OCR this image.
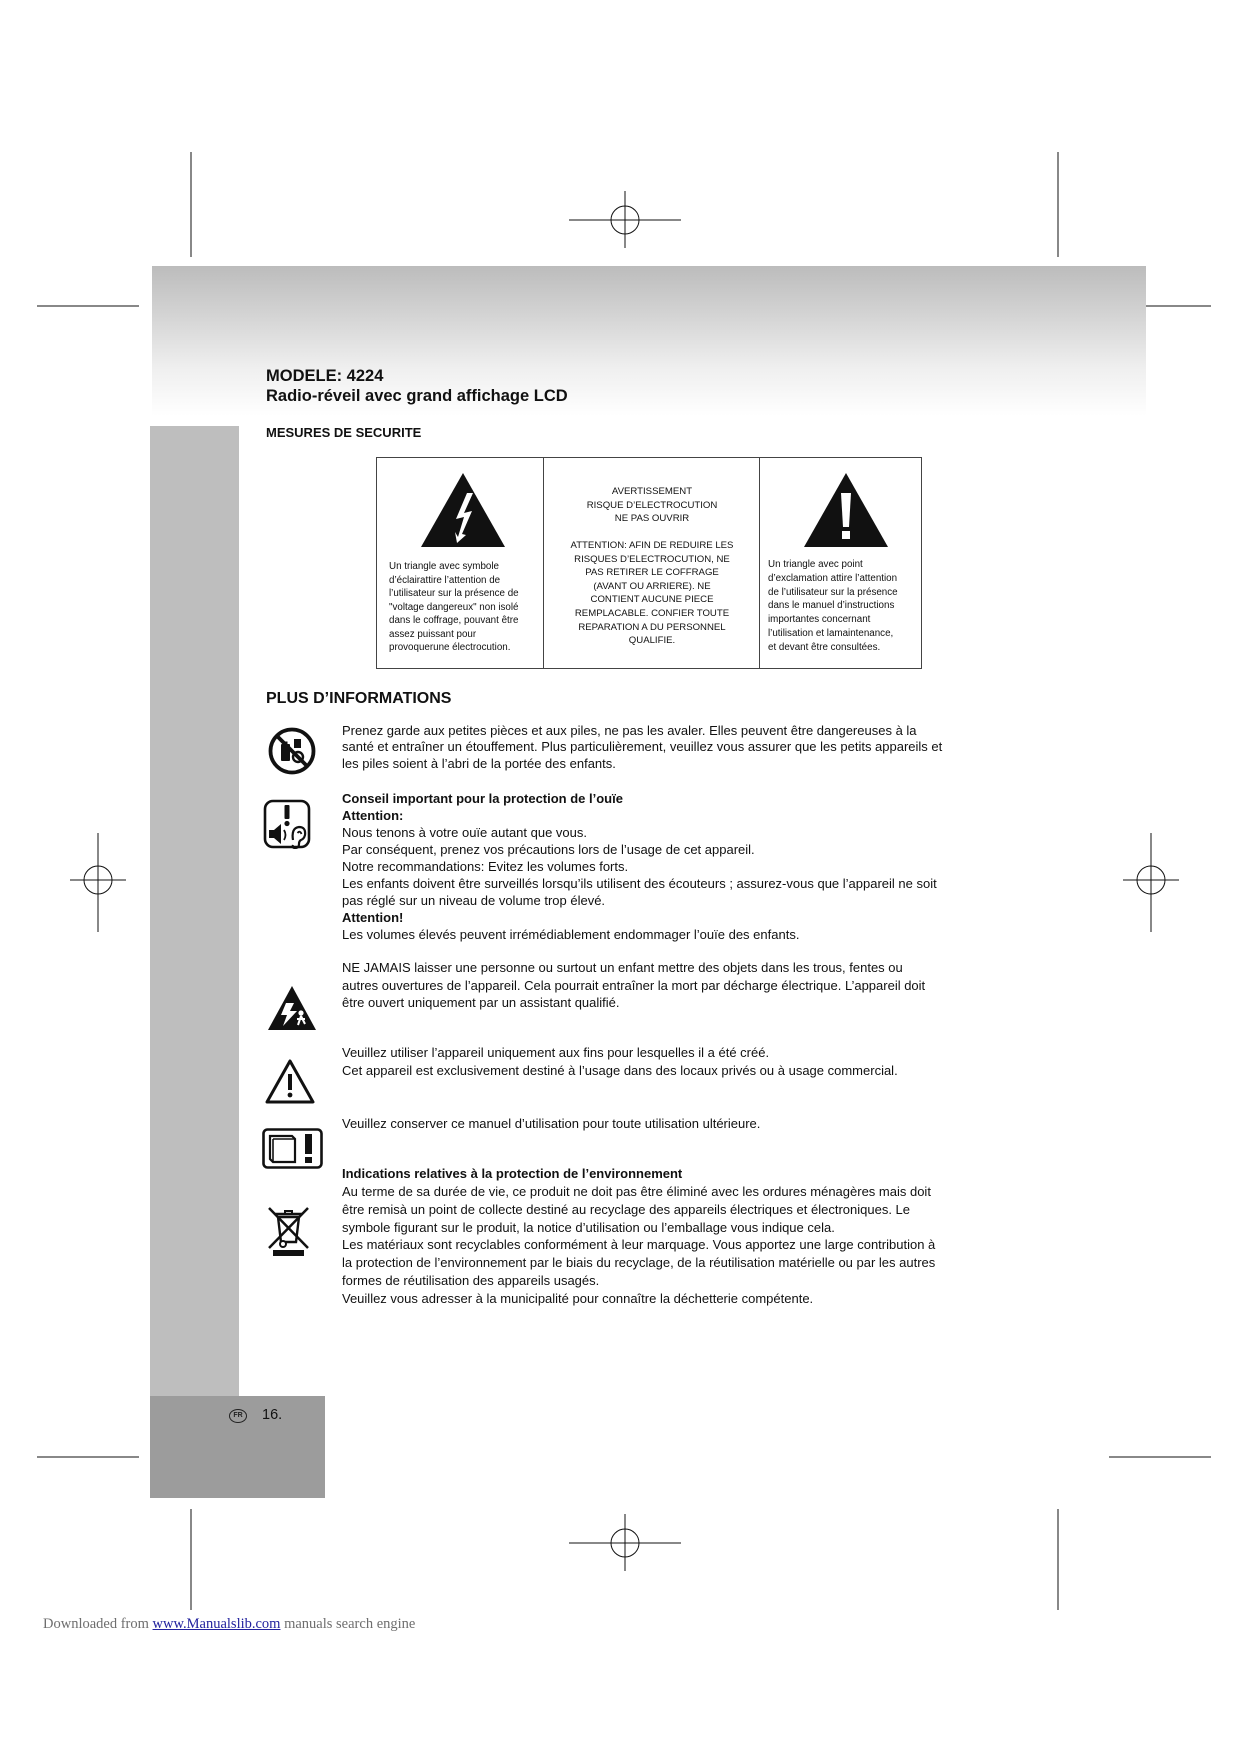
FR 16.
MODELE: 4224
Radio-réveil avec grand affichage LCD
MESURES DE SECURITE
Un triangle avec symbole
d’éclairattire l’attention de
l’utilisateur sur la présence de
"voltage dangereux" non isolé
dans le coffrage, pouvant être
assez puissant pour
provoquerune électrocution.
AVERTISSEMENT
RISQUE D’ELECTROCUTION
NE PAS OUVRIR
ATTENTION: AFIN DE REDUIRE LES
RISQUES D’ELECTROCUTION, NE
PAS RETIRER LE COFFRAGE
(AVANT OU ARRIERE). NE
CONTIENT AUCUNE PIECE
REMPLACABLE. CONFIER TOUTE
REPARATION A DU PERSONNEL
QUALIFIE.
Un triangle avec point
d’exclamation attire l’attention
de l’utilisateur sur la présence
dans le manuel d’instructions
importantes concernant
l’utilisation et lamaintenance,
et devant être consultées.
PLUS D’INFORMATIONS
Prenez garde aux petites pièces et aux piles, ne pas les avaler. Elles peuvent être dangereuses à la
santé et entraîner un étouffement. Plus particulièrement, veuillez vous assurer que les petits appareils et
les piles soient à l’abri de la portée des enfants.
Conseil important pour la protection de l’ouïe
Attention:
Nous tenons à votre ouïe autant que vous.
Par conséquent, prenez vos précautions lors de l’usage de cet appareil.
Notre recommandations: Evitez les volumes forts.
Les enfants doivent être surveillés lorsqu’ils utilisent des écouteurs ; assurez-vous que l’appareil ne soit
pas réglé sur un niveau de volume trop élevé.
Attention!
Les volumes élevés peuvent irrémédiablement endommager l’ouïe des enfants.
NE JAMAIS laisser une personne ou surtout un enfant mettre des objets dans les trous, fentes ou
autres ouvertures de l’appareil. Cela pourrait entraîner la mort par décharge électrique. L’appareil doit
être ouvert uniquement par un assistant qualifié.
Veuillez utiliser l’appareil uniquement aux fins pour lesquelles il a été créé.
Cet appareil est exclusivement destiné à l’usage dans des locaux privés ou à usage commercial.
Veuillez conserver ce manuel d’utilisation pour toute utilisation ultérieure.
Indications relatives à la protection de l’environnement
Au terme de sa durée de vie, ce produit ne doit pas être éliminé avec les ordures ménagères mais doit
être remisà un point de collecte destiné au recyclage des appareils électriques et électroniques. Le
symbole figurant sur le produit, la notice d’utilisation ou l’emballage vous indique cela.
Les matériaux sont recyclables conformément à leur marquage. Vous apportez une large contribution à
la protection de l’environnement par le biais du recyclage, de la réutilisation matérielle ou par les autres
formes de réutilisation des appareils usagés.
Veuillez vous adresser à la municipalité pour connaître la déchetterie compétente.
Downloaded from www.Manualslib.com manuals search engine
